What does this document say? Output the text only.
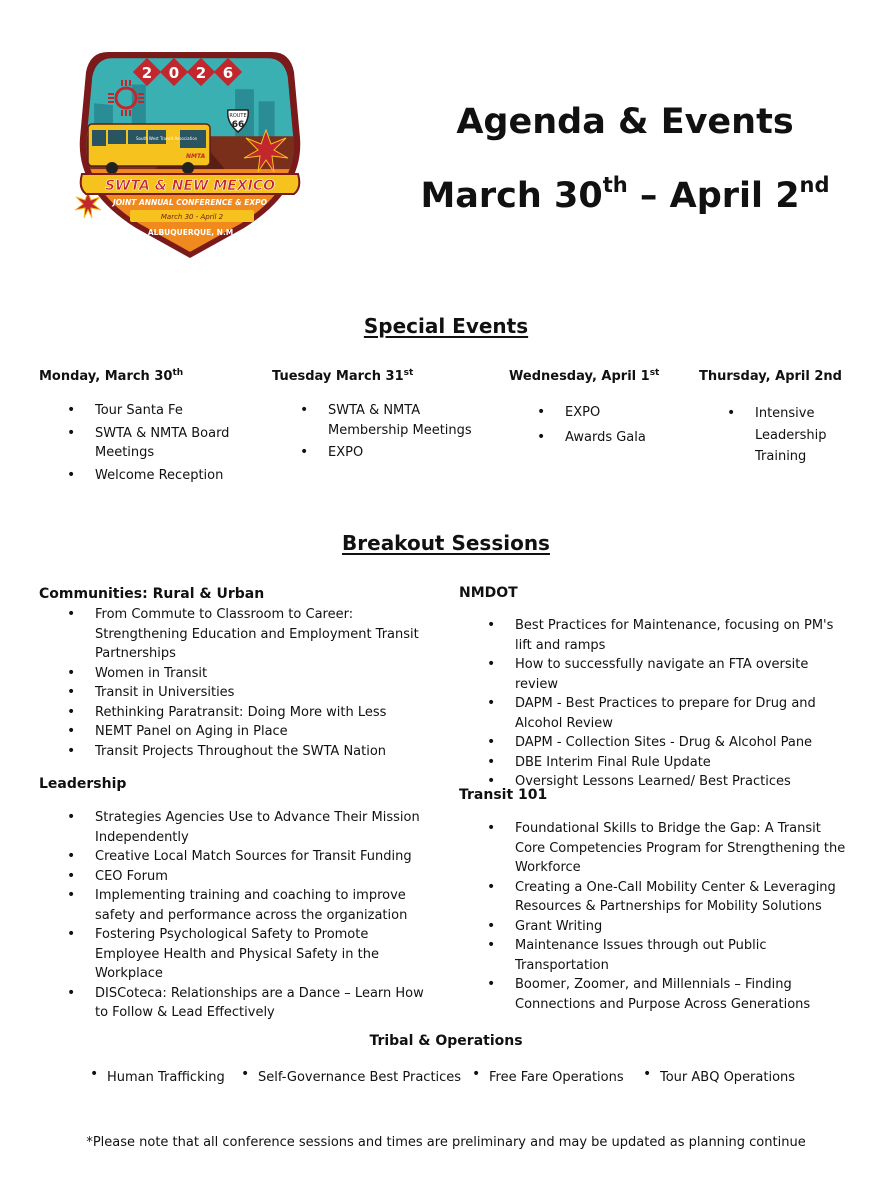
2 0 2 6
ROUTE
66
South West Transit Association
NMTA
SWTA & NEW MEXICO
JOINT ANNUAL CONFERENCE & EXPO
March 30 - April 2
ALBUQUERQUE, N.M.
Agenda & Events
March 30th – April 2nd
Special Events
Monday, March 30th
• Tour Santa Fe
• SWTA & NMTA Board Meetings
• Welcome Reception
Tuesday March 31st
• SWTA & NMTA Membership Meetings
• EXPO
Wednesday, April 1st
• EXPO
• Awards Gala
Thursday, April 2nd
• Intensive Leadership Training
Breakout Sessions
Communities: Rural & Urban
• From Commute to Classroom to Career: Strengthening Education and Employment Transit Partnerships
• Women in Transit
• Transit in Universities
• Rethinking Paratransit: Doing More with Less
• NEMT Panel on Aging in Place
• Transit Projects Throughout the SWTA Nation
Leadership
• Strategies Agencies Use to Advance Their Mission Independently
• Creative Local Match Sources for Transit Funding
• CEO Forum
• Implementing training and coaching to improve safety and performance across the organization
• Fostering Psychological Safety to Promote Employee Health and Physical Safety in the Workplace
• DISCoteca: Relationships are a Dance – Learn How to Follow & Lead Effectively
NMDOT
• Best Practices for Maintenance, focusing on PM's lift and ramps
• How to successfully navigate an FTA oversite review
• DAPM - Best Practices to prepare for Drug and Alcohol Review
• DAPM - Collection Sites - Drug & Alcohol Pane
• DBE Interim Final Rule Update
• Oversight Lessons Learned/ Best Practices
Transit 101
• Foundational Skills to Bridge the Gap: A Transit Core Competencies Program for Strengthening the Workforce
• Creating a One-Call Mobility Center & Leveraging Resources & Partnerships for Mobility Solutions
• Grant Writing
• Maintenance Issues through out Public Transportation
• Boomer, Zoomer, and Millennials – Finding Connections and Purpose Across Generations
Tribal & Operations
• Human Trafficking	• Self-Governance Best Practices • Free Fare Operations	• Tour ABQ Operations
*Please note that all conference sessions and times are preliminary and may be updated as planning continue
